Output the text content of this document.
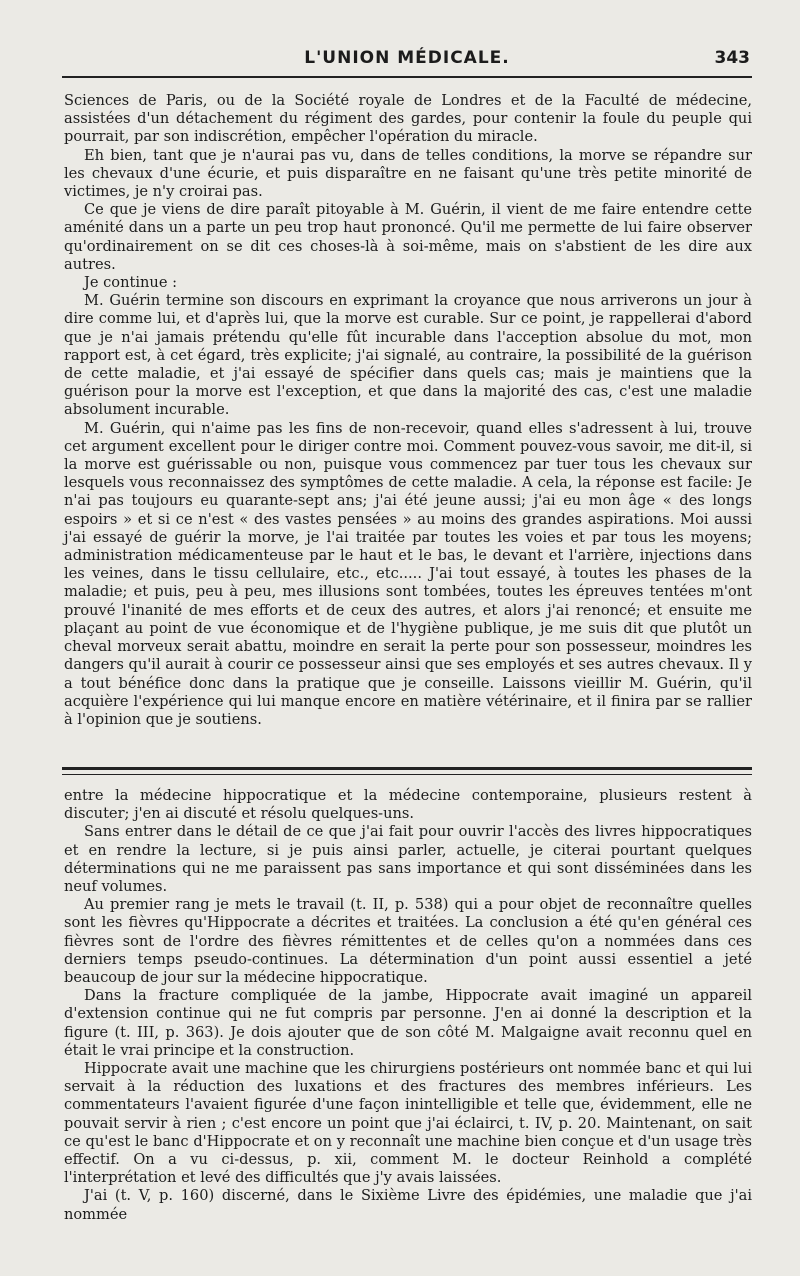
L'UNION MÉDICALE.	343

Sciences de Paris, ou de la Société royale de Londres et de la Faculté de médecine, assistées d'un détachement du régiment des gardes, pour contenir la foule du peuple qui pourrait, par son indiscrétion, empêcher l'opération du miracle.

Eh bien, tant que je n'aurai pas vu, dans de telles conditions, la morve se répandre sur les chevaux d'une écurie, et puis disparaître en ne faisant qu'une très petite minorité de victimes, je n'y croirai pas.

Ce que je viens de dire paraît pitoyable à M. Guérin, il vient de me faire entendre cette aménité dans un a parte un peu trop haut prononcé. Qu'il me permette de lui faire observer qu'ordinairement on se dit ces choses-là à soi-même, mais on s'abstient de les dire aux autres.

Je continue :

M. Guérin termine son discours en exprimant la croyance que nous arriverons un jour à dire comme lui, et d'après lui, que la morve est curable. Sur ce point, je rappellerai d'abord que je n'ai jamais prétendu qu'elle fût incurable dans l'acception absolue du mot, mon rapport est, à cet égard, très explicite; j'ai signalé, au contraire, la possibilité de la guérison de cette maladie, et j'ai essayé de spécifier dans quels cas; mais je maintiens que la guérison pour la morve est l'exception, et que dans la majorité des cas, c'est une maladie absolument incurable.

M. Guérin, qui n'aime pas les fins de non-recevoir, quand elles s'adressent à lui, trouve cet argument excellent pour le diriger contre moi. Comment pouvez-vous savoir, me dit-il, si la morve est guérissable ou non, puisque vous commencez par tuer tous les chevaux sur lesquels vous reconnaissez des symptômes de cette maladie. A cela, la réponse est facile: Je n'ai pas toujours eu quarante-sept ans; j'ai été jeune aussi; j'ai eu mon âge « des longs espoirs » et si ce n'est « des vastes pensées » au moins des grandes aspirations. Moi aussi j'ai essayé de guérir la morve, je l'ai traitée par toutes les voies et par tous les moyens; administration médicamenteuse par le haut et le bas, le devant et l'arrière, injections dans les veines, dans le tissu cellulaire, etc., etc..... J'ai tout essayé, à toutes les phases de la maladie; et puis, peu à peu, mes illusions sont tombées, toutes les épreuves tentées m'ont prouvé l'inanité de mes efforts et de ceux des autres, et alors j'ai renoncé; et ensuite me plaçant au point de vue économique et de l'hygiène publique, je me suis dit que plutôt un cheval morveux serait abattu, moindre en serait la perte pour son possesseur, moindres les dangers qu'il aurait à courir ce possesseur ainsi que ses employés et ses autres chevaux. Il y a tout bénéfice donc dans la pratique que je conseille. Laissons vieillir M. Guérin, qu'il acquière l'expérience qui lui manque encore en matière vétérinaire, et il finira par se rallier à l'opinion que je soutiens.

entre la médecine hippocratique et la médecine contemporaine, plusieurs restent à discuter; j'en ai discuté et résolu quelques-uns.

Sans entrer dans le détail de ce que j'ai fait pour ouvrir l'accès des livres hippocratiques et en rendre la lecture, si je puis ainsi parler, actuelle, je citerai pourtant quelques déterminations qui ne me paraissent pas sans importance et qui sont disséminées dans les neuf volumes.

Au premier rang je mets le travail (t. II, p. 538) qui a pour objet de reconnaître quelles sont les fièvres qu'Hippocrate a décrites et traitées. La conclusion a été qu'en général ces fièvres sont de l'ordre des fièvres rémittentes et de celles qu'on a nommées dans ces derniers temps pseudo-continues. La détermination d'un point aussi essentiel a jeté beaucoup de jour sur la médecine hippocratique.

Dans la fracture compliquée de la jambe, Hippocrate avait imaginé un appareil d'extension continue qui ne fut compris par personne. J'en ai donné la description et la figure (t. III, p. 363). Je dois ajouter que de son côté M. Malgaigne avait reconnu quel en était le vrai principe et la construction.

Hippocrate avait une machine que les chirurgiens postérieurs ont nommée banc et qui lui servait à la réduction des luxations et des fractures des membres inférieurs. Les commentateurs l'avaient figurée d'une façon inintelligible et telle que, évidemment, elle ne pouvait servir à rien ; c'est encore un point que j'ai éclairci, t. IV, p. 20. Maintenant, on sait ce qu'est le banc d'Hippocrate et on y reconnaît une machine bien conçue et d'un usage très effectif. On a vu ci-dessus, p. xii, comment M. le docteur Reinhold a complété l'interprétation et levé des difficultés que j'y avais laissées.

J'ai (t. V, p. 160) discerné, dans le Sixième Livre des épidémies, une maladie que j'ai nommée
